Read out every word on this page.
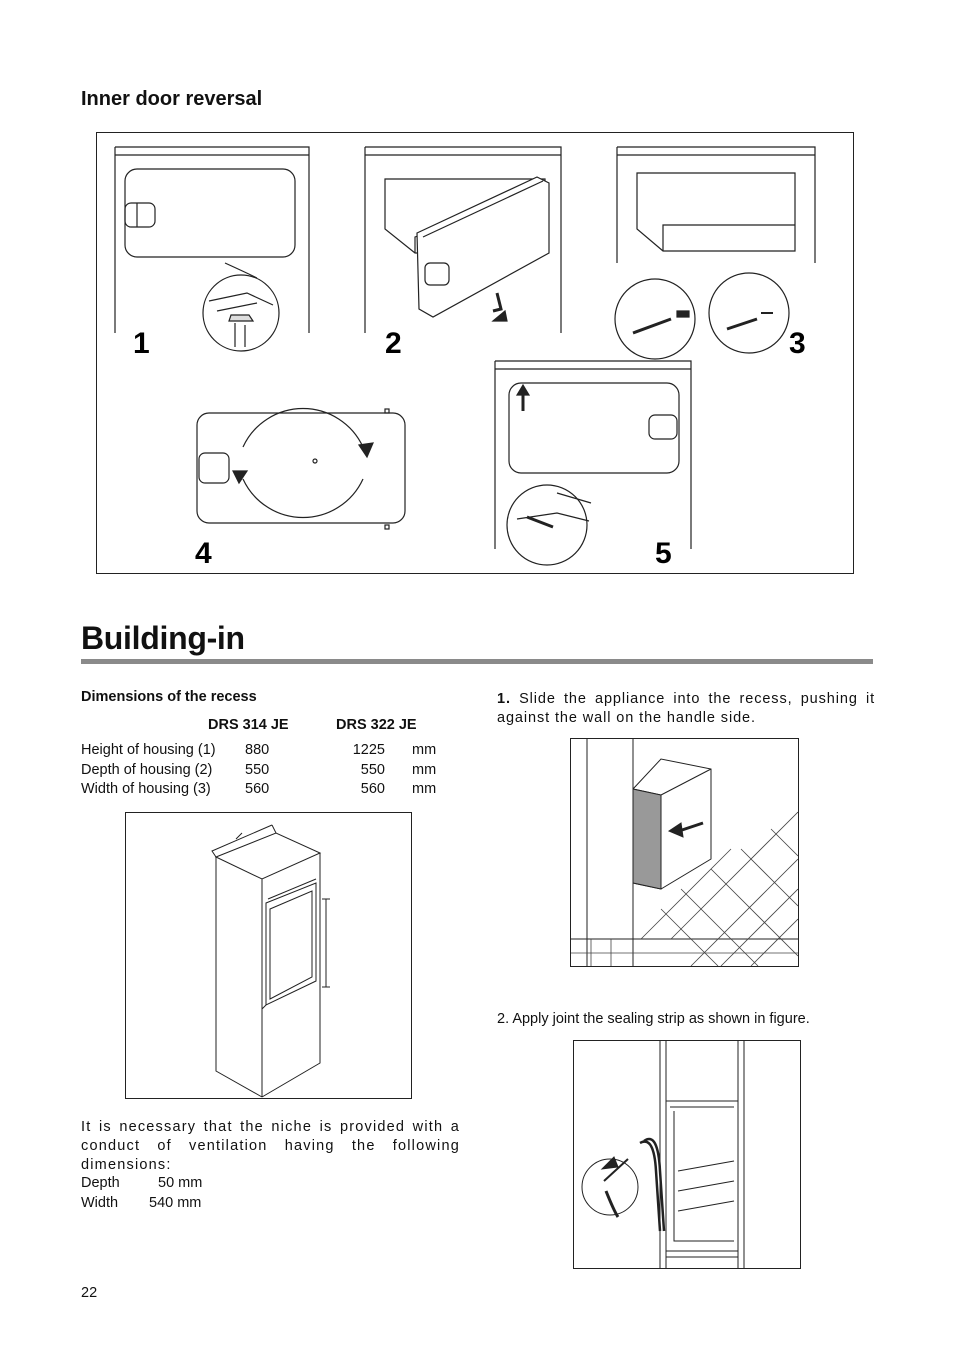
Inner door reversal
1	2	3
4	5
Building-in
Dimensions of the recess
DRS 314 JE	DRS 322 JE
Height of housing (1) 880	1225 mm
Depth of housing (2) 550	550 mm
Width of housing (3) 560	560 mm
It is necessary that the niche is provided with a conduct of ventilation having the following dimensions:
Depth	50 mm
Width 540 mm
1. Slide the appliance into the recess, pushing it against the wall on the handle side.
2. Apply joint the sealing strip as shown in figure.
22
